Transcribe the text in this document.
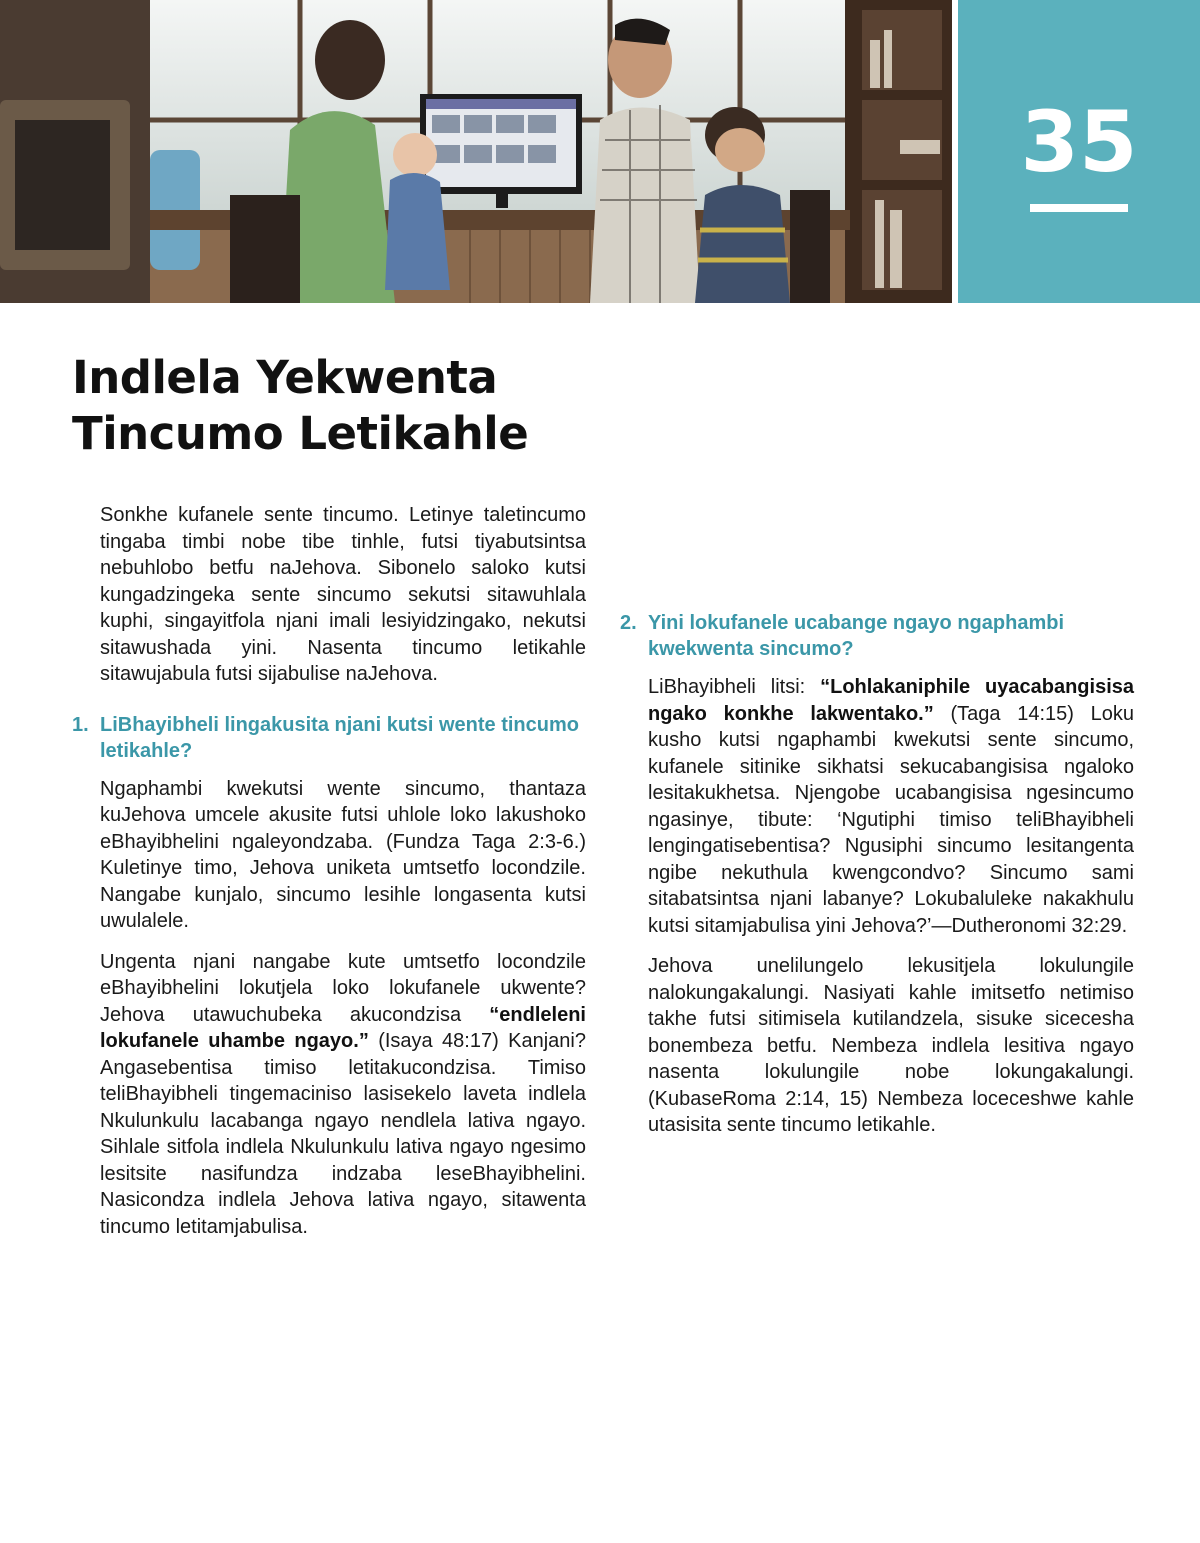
35
Indlela Yekwenta
Tincumo Letikahle

Sonkhe kufanele sente tincumo. Letinye taletincumo tingaba timbi nobe tibe tinhle, futsi tiyabutsintsa nebuhlobo betfu naJehova. Sibonelo saloko kutsi kungadzingeka sente sincumo sekutsi sitawuhlala kuphi, singayitfola njani imali lesiyidzingako, nekutsi sitawushada yini. Nasenta tincumo letikahle sitawujabula futsi sijabulise naJehova.

1. LiBhayibheli lingakusita njani kutsi wente tincumo letikahle?

Ngaphambi kwekutsi wente sincumo, thantaza kuJehova umcele akusite futsi uhlole loko lakushoko eBhayibhelini ngaleyondzaba. (Fundza Taga 2:3-6.) Kuletinye timo, Jehova uniketa umtsetfo locondzile. Nangabe kunjalo, sincumo lesihle longasenta kutsi uwulalele.

Ungenta njani nangabe kute umtsetfo locondzile eBhayibhelini lokutjela loko lokufanele ukwente? Jehova utawuchubeka akucondzisa “endleleni lokufanele uhambe ngayo.” (Isaya 48:17) Kanjani? Angasebentisa timiso letitakucondzisa. Timiso teliBhayibheli tingemaciniso lasisekelo laveta indlela Nkulunkulu lacabanga ngayo nendlela lativa ngayo. Sihlale sitfola indlela Nkulunkulu lativa ngayo ngesimo lesitsite nasifundza indzaba leseBhayibhelini. Nasicondza indlela Jehova lativa ngayo, sitawenta tincumo letitamjabulisa.

2. Yini lokufanele ucabange ngayo ngaphambi kwekwenta sincumo?

LiBhayibheli litsi: “Lohlakaniphile uyacabangisisa ngako konkhe lakwentako.” (Taga 14:15) Loku kusho kutsi ngaphambi kwekutsi sente sincumo, kufanele sitinike sikhatsi sekucabangisisa ngaloko lesitakukhetsa. Njengobe ucabangisisa ngesincumo ngasinye, tibute: ‘Ngutiphi timiso teliBhayibheli lengingatisebentisa? Ngusiphi sincumo lesitangenta ngibe nekuthula kwengcondvo? Sincumo sami sitabatsintsa njani labanye? Lokubaluleke nakakhulu kutsi sitamjabulisa yini Jehova?’—Dutheronomi 32:29.

Jehova unelilungelo lekusitjela lokulungile nalokungakalungi. Nasiyati kahle imitsetfo netimiso takhe futsi sitimisela kutilandzela, sisuke sicecesha bonembeza betfu. Nembeza indlela lesitiva ngayo nasenta lokulungile nobe lokungakalungi. (KubaseRoma 2:14, 15) Nembeza loceceshwe kahle utasisita sente tincumo letikahle.
